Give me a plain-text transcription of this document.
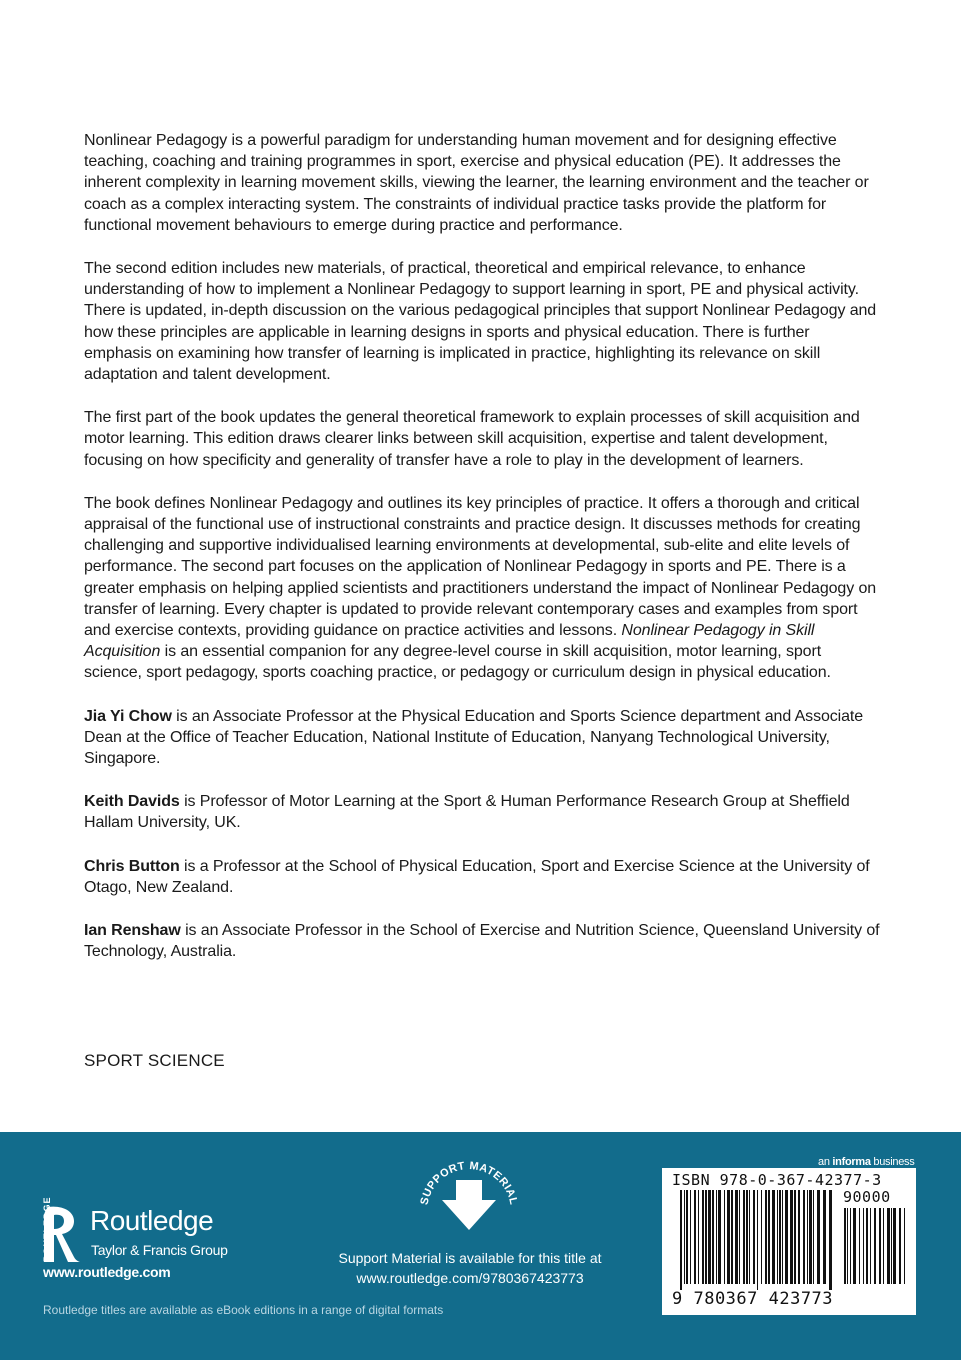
Nonlinear Pedagogy is a powerful paradigm for understanding human movement and for designing effective teaching, coaching and training programmes in sport, exercise and physical education (PE). It addresses the inherent complexity in learning movement skills, viewing the learner, the learning environment and the teacher or coach as a complex interacting system. The constraints of individual practice tasks provide the platform for functional movement behaviours to emerge during practice and performance.

The second edition includes new materials, of practical, theoretical and empirical relevance, to enhance understanding of how to implement a Nonlinear Pedagogy to support learning in sport, PE and physical activity. There is updated, in-depth discussion on the various pedagogical principles that support Nonlinear Pedagogy and how these principles are applicable in learning designs in sports and physical education. There is further emphasis on examining how transfer of learning is implicated in practice, highlighting its relevance on skill adaptation and talent development.

The first part of the book updates the general theoretical framework to explain processes of skill acquisition and motor learning. This edition draws clearer links between skill acquisition, expertise and talent development, focusing on how specificity and generality of transfer have a role to play in the development of learners.

The book defines Nonlinear Pedagogy and outlines its key principles of practice. It offers a thorough and critical appraisal of the functional use of instructional constraints and practice design. It discusses methods for creating challenging and supportive individualised learning environments at developmental, sub-elite and elite levels of performance. The second part focuses on the application of Nonlinear Pedagogy in sports and PE. There is a greater emphasis on helping applied scientists and practitioners understand the impact of Nonlinear Pedagogy on transfer of learning. Every chapter is updated to provide relevant contemporary cases and examples from sport and exercise contexts, providing guidance on practice activities and lessons. Nonlinear Pedagogy in Skill Acquisition is an essential companion for any degree-level course in skill acquisition, motor learning, sport science, sport pedagogy, sports coaching practice, or pedagogy or curriculum design in physical education.

Jia Yi Chow is an Associate Professor at the Physical Education and Sports Science department and Associate Dean at the Office of Teacher Education, National Institute of Education, Nanyang Technological University, Singapore.

Keith Davids is Professor of Motor Learning at the Sport & Human Performance Research Group at Sheffield Hallam University, UK.

Chris Button is a Professor at the School of Physical Education, Sport and Exercise Science at the University of Otago, New Zealand.

Ian Renshaw is an Associate Professor in the School of Exercise and Nutrition Science, Queensland University of Technology, Australia.

SPORT SCIENCE
ROUTLEDGE Routledge
Taylor & Francis Group
www.routledge.com
Routledge titles are available as eBook editions in a range of digital formats
SUPPORT MATERIAL
Support Material is available for this title at
www.routledge.com/9780367423773
an informa business
ISBN 978-0-367-42377-3
90000
9 780367 423773
